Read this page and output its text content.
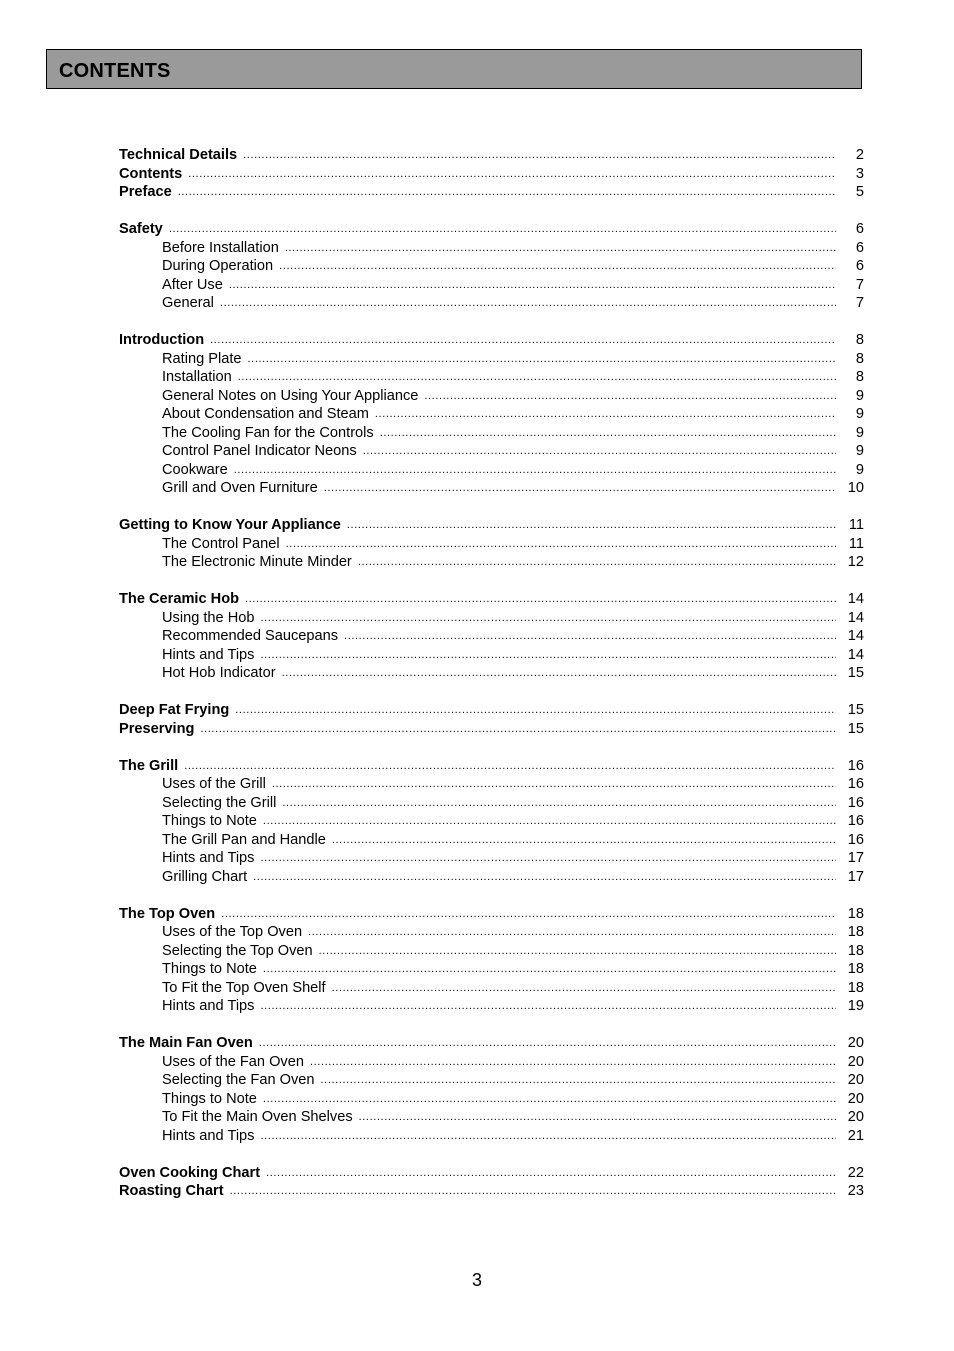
CONTENTS
Technical Details .....	2
Contents .....	3
Preface .....	5
Safety .....	6
Before Installation .....	6
During Operation .....	6
After Use .....	7
General .....	7
Introduction .....	8
Rating Plate .....	8
Installation .....	8
General Notes on Using Your Appliance .....	9
About Condensation and Steam .....	9
The Cooling Fan for the Controls .....	9
Control Panel Indicator Neons .....	9
Cookware .....	9
Grill and Oven Furniture .....	10
Getting to Know Your Appliance .....	11
The Control Panel .....	11
The Electronic Minute Minder .....	12
The Ceramic Hob .....	14
Using the Hob .....	14
Recommended Saucepans .....	14
Hints and Tips .....	14
Hot Hob Indicator .....	15
Deep Fat Frying .....	15
Preserving .....	15
The Grill .....	16
Uses of the Grill .....	16
Selecting the Grill .....	16
Things to Note .....	16
The Grill Pan and Handle .....	16
Hints and Tips .....	17
Grilling Chart .....	17
The Top Oven .....	18
Uses of the Top Oven .....	18
Selecting the Top Oven .....	18
Things to Note .....	18
To Fit the Top Oven Shelf .....	18
Hints and Tips .....	19
The Main Fan Oven .....	20
Uses of the Fan Oven .....	20
Selecting the Fan Oven .....	20
Things to Note .....	20
To Fit the Main Oven Shelves .....	20
Hints and Tips .....	21
Oven Cooking Chart .....	22
Roasting Chart .....	23
3
